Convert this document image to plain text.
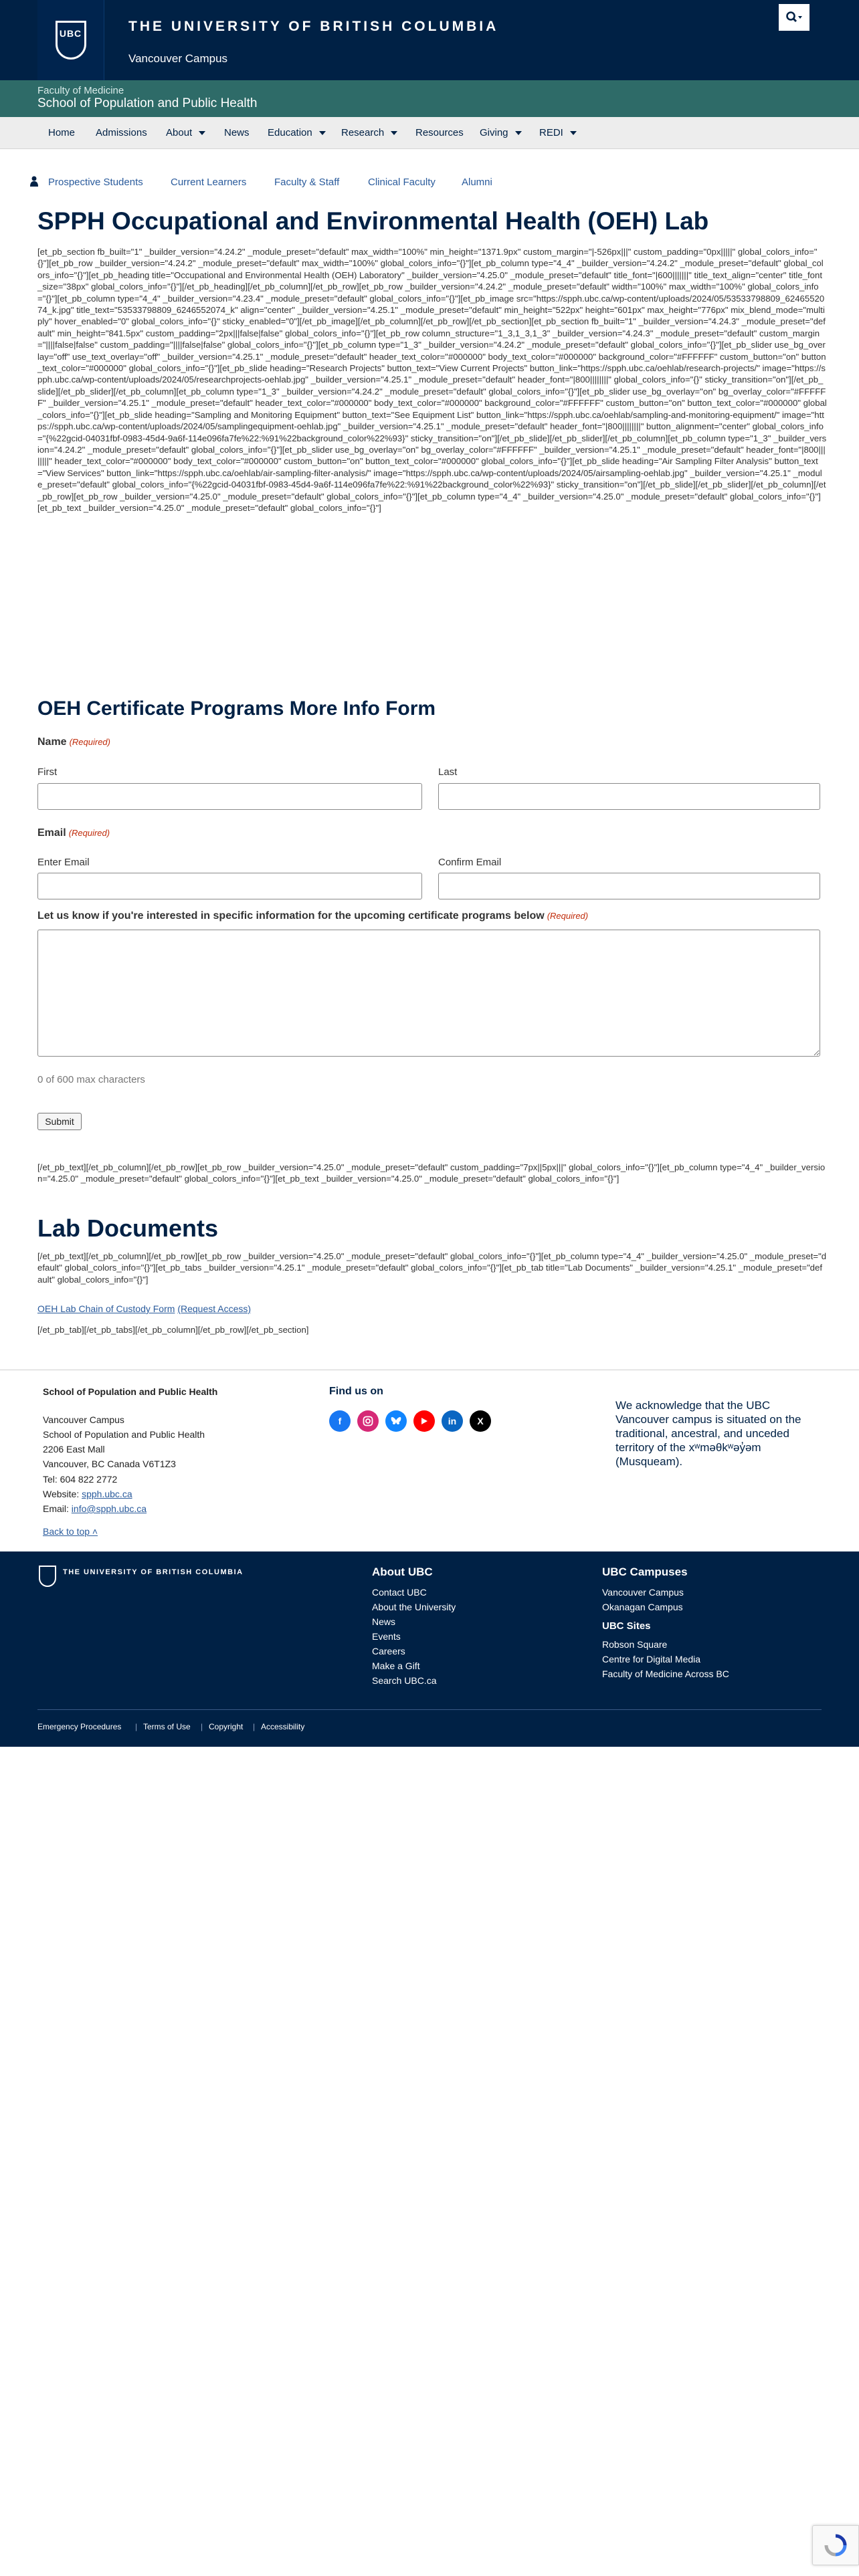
UBC	THE UNIVERSITY OF BRITISH COLUMBIA
Vancouver Campus
Faculty of Medicine
School of Population and Public Health
Home Admissions About	News Education	Research	Resources Giving	REDI
Prospective Students	Current Learners	Faculty & Staff	Clinical Faculty	Alumni
SPPH Occupational and Environmental Health (OEH) Lab
[et_pb_section fb_built="1" _builder_version="4.24.2" _module_preset="default" max_width="100%" min_height="1371.9px" custom_margin="|-526px|||" custom_padding="0px|||||" global_colors_info="{}"][et_pb_row _builder_version="4.24.2" _module_preset="default" max_width="100%" global_colors_info="{}"][et_pb_column type="4_4" _builder_version="4.24.2" _module_preset="default" global_colors_info="{}"][et_pb_heading title="Occupational and Environmental Health (OEH) Laboratory" _builder_version="4.25.0" _module_preset="default" title_font="|600|||||||" title_text_align="center" title_font_size="38px" global_colors_info="{}"][/et_pb_heading][/et_pb_column][/et_pb_row][et_pb_row _builder_version="4.24.2" _module_preset="default" width="100%" max_width="100%" global_colors_info="{}"][et_pb_column type="4_4" _builder_version="4.23.4" _module_preset="default" global_colors_info="{}"][et_pb_image src="https://spph.ubc.ca/wp-content/uploads/2024/05/53533798809_6246552074_k.jpg" title_text="53533798809_6246552074_k" align="center" _builder_version="4.25.1" _module_preset="default" min_height="522px" height="601px" max_height="776px" mix_blend_mode="multiply" hover_enabled="0" global_colors_info="{}" sticky_enabled="0"][/et_pb_image][/et_pb_column][/et_pb_row][/et_pb_section][et_pb_section fb_built="1" _builder_version="4.24.3" _module_preset="default" min_height="841.5px" custom_padding="2px|||false|false" global_colors_info="{}"][et_pb_row column_structure="1_3,1_3,1_3" _builder_version="4.24.3" _module_preset="default" custom_margin="||||false|false" custom_padding="||||false|false" global_colors_info="{}"][et_pb_column type="1_3" _builder_version="4.24.2" _module_preset="default" global_colors_info="{}"][et_pb_slider use_bg_overlay="off" use_text_overlay="off" _builder_version="4.25.1" _module_preset="default" header_text_color="#000000" body_text_color="#000000" background_color="#FFFFFF" custom_button="on" button_text_color="#000000" global_colors_info="{}"][et_pb_slide heading="Research Projects" button_text="View Current Projects" button_link="https://spph.ubc.ca/oehlab/research-projects/" image="https://spph.ubc.ca/wp-content/uploads/2024/05/researchprojects-oehlab.jpg" _builder_version="4.25.1" _module_preset="default" header_font="|800||||||||" global_colors_info="{}" sticky_transition="on"][/et_pb_slide][/et_pb_slider][/et_pb_column][et_pb_column type="1_3" _builder_version="4.24.2" _module_preset="default" global_colors_info="{}"][et_pb_slider use_bg_overlay="on" bg_overlay_color="#FFFFFF" _builder_version="4.25.1" _module_preset="default" header_text_color="#000000" body_text_color="#000000" background_color="#FFFFFF" custom_button="on" button_text_color="#000000" global_colors_info="{}"][et_pb_slide heading="Sampling and Monitoring Equipment" button_text="See Equipment List" button_link="https://spph.ubc.ca/oehlab/sampling-and-monitoring-equipment/" image="https://spph.ubc.ca/wp-content/uploads/2024/05/samplingequipment-oehlab.jpg" _builder_version="4.25.1" _module_preset="default" header_font="|800||||||||" button_alignment="center" global_colors_info="{%22gcid-04031fbf-0983-45d4-9a6f-114e096fa7fe%22:%91%22background_color%22%93}" sticky_transition="on"][/et_pb_slide][/et_pb_slider][/et_pb_column][et_pb_column type="1_3" _builder_version="4.24.2" _module_preset="default" global_colors_info="{}"][et_pb_slider use_bg_overlay="on" bg_overlay_color="#FFFFFF" _builder_version="4.25.1" _module_preset="default" header_font="|800||||||||" header_text_color="#000000" body_text_color="#000000" custom_button="on" button_text_color="#000000" global_colors_info="{}"][et_pb_slide heading="Air Sampling Filter Analysis" button_text="View Services" button_link="https://spph.ubc.ca/oehlab/air-sampling-filter-analysis/" image="https://spph.ubc.ca/wp-content/uploads/2024/05/airsampling-oehlab.jpg" _builder_version="4.25.1" _module_preset="default" global_colors_info="{%22gcid-04031fbf-0983-45d4-9a6f-114e096fa7fe%22:%91%22background_color%22%93}" sticky_transition="on"][/et_pb_slide][/et_pb_slider][/et_pb_column][/et_pb_row][et_pb_row _builder_version="4.25.0" _module_preset="default" global_colors_info="{}"][et_pb_column type="4_4" _builder_version="4.25.0" _module_preset="default" global_colors_info="{}"][et_pb_text _builder_version="4.25.0" _module_preset="default" global_colors_info="{}"]
OEH Certificate Programs More Info Form
Name (Required)
First	Last
Email (Required)
Enter Email	Confirm Email
Let us know if you're interested in specific information for the upcoming certificate programs below (Required)
0 of 600 max characters
Submit
[/et_pb_text][/et_pb_column][/et_pb_row][et_pb_row _builder_version="4.25.0" _module_preset="default" custom_padding="7px||5px|||" global_colors_info="{}"][et_pb_column type="4_4" _builder_version="4.25.0" _module_preset="default" global_colors_info="{}"][et_pb_text _builder_version="4.25.0" _module_preset="default" global_colors_info="{}"]
Lab Documents
[/et_pb_text][/et_pb_column][/et_pb_row][et_pb_row _builder_version="4.25.0" _module_preset="default" global_colors_info="{}"][et_pb_column type="4_4" _builder_version="4.25.0" _module_preset="default" global_colors_info="{}"][et_pb_tabs _builder_version="4.25.1" _module_preset="default" global_colors_info="{}"][et_pb_tab title="Lab Documents" _builder_version="4.25.1" _module_preset="default" global_colors_info="{}"]
OEH Lab Chain of Custody Form (Request Access)
[/et_pb_tab][/et_pb_tabs][/et_pb_column][/et_pb_row][/et_pb_section]
School of Population and Public Health
Vancouver Campus
School of Population and Public Health
2206 East Mall
Vancouver, BC Canada V6T1Z3
Tel: 604 822 2772
Website: spph.ubc.ca
Email: info@spph.ubc.ca
Back to top ˄
Find us on
f	in	X
We acknowledge that the UBC Vancouver campus is situated on the traditional, ancestral, and unceded territory of the xʷməθkʷəy̓əm (Musqueam).
THE UNIVERSITY OF BRITISH COLUMBIA	About UBC
Contact UBC
About the University
News
Events
Careers
Make a Gift
Search UBC.ca
UBC Campuses
Vancouver Campus
Okanagan Campus
UBC Sites
Robson Square
Centre for Digital Media
Faculty of Medicine Across BC
Emergency Procedures | Terms of Use | Copyright | Accessibility
